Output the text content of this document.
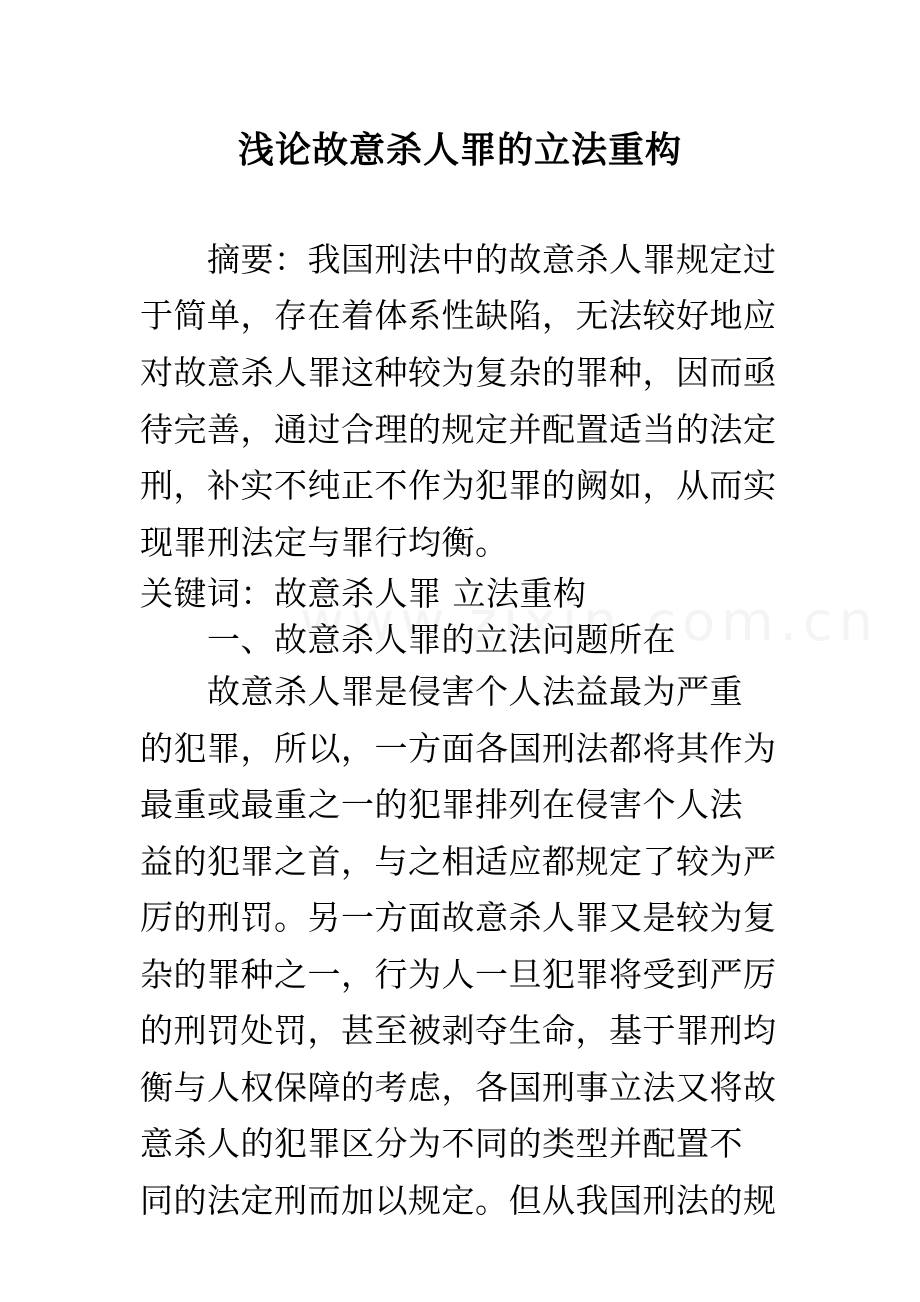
浅论故意杀人罪的立法重构
摘要：我国刑法中的故意杀人罪规定过
于简单，存在着体系性缺陷，无法较好地应
对故意杀人罪这种较为复杂的罪种，因而亟
待完善，通过合理的规定并配置适当的法定
刑，补实不纯正不作为犯罪的阙如，从而实
现罪刑法定与罪行均衡。
关键词：故意杀人罪 立法重构
一、故意杀人罪的立法问题所在
故意杀人罪是侵害个人法益最为严重
的犯罪，所以，一方面各国刑法都将其作为
最重或最重之一的犯罪排列在侵害个人法
益的犯罪之首，与之相适应都规定了较为严
厉的刑罚。另一方面故意杀人罪又是较为复
杂的罪种之一，行为人一旦犯罪将受到严厉
的刑罚处罚，甚至被剥夺生命，基于罪刑均
衡与人权保障的考虑，各国刑事立法又将故
意杀人的犯罪区分为不同的类型并配置不
同的法定刑而加以规定。但从我国刑法的规
